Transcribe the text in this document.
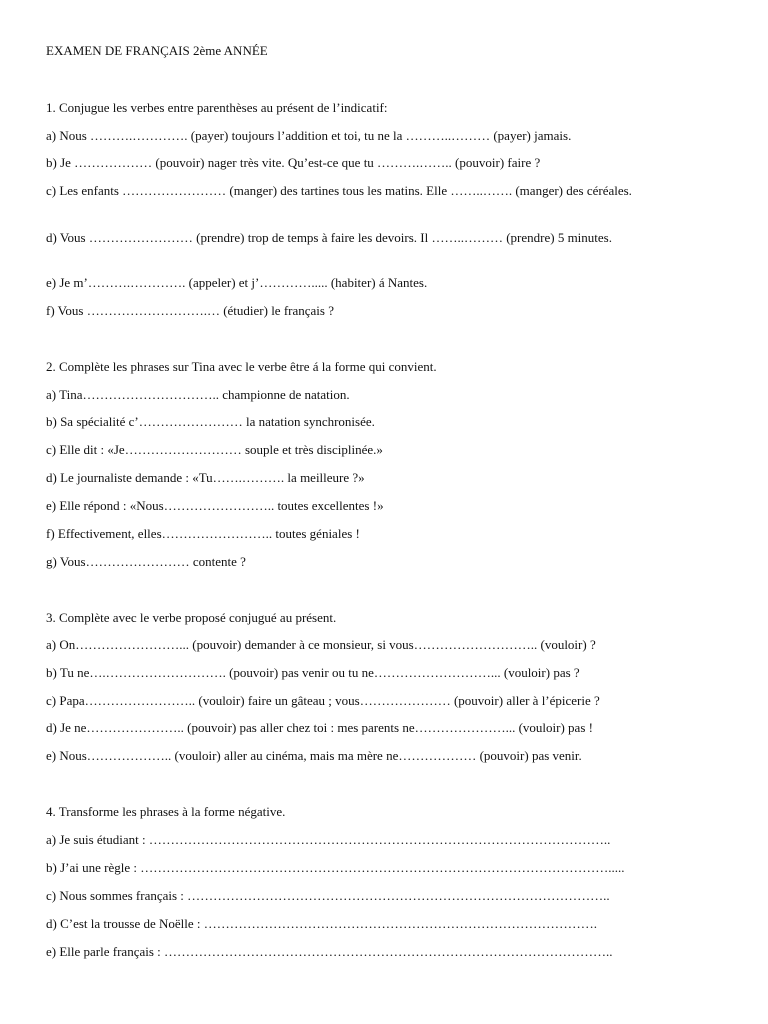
EXAMEN DE FRANÇAIS 2ème ANNÉE
1. Conjugue les verbes entre parenthèses au présent de l’indicatif:
a) Nous ……….…………. (payer) toujours l’addition et toi, tu ne la ………..……… (payer) jamais.
b) Je ……………… (pouvoir) nager très vite. Qu’est-ce que tu ……….…….. (pouvoir) faire ?
c) Les enfants …………………… (manger) des tartines tous les matins. Elle ……..……. (manger) des céréales.
d) Vous …………………… (prendre) trop de temps à faire les devoirs. Il ……..……… (prendre) 5 minutes.
e) Je m’……….…………. (appeler) et j’…………..... (habiter) á Nantes.
f) Vous ……………………….… (étudier) le français ?
2. Complète les phrases sur Tina avec le verbe être á la forme qui convient.
a) Tina………………………….. championne de natation.
b) Sa spécialité c’…………………… la natation synchronisée.
c) Elle dit : «Je……………………… souple et très disciplinée.»
d) Le journaliste demande : «Tu…….………. la meilleure ?»
e) Elle répond : «Nous…………………….. toutes excellentes !»
f) Effectivement, elles…………………….. toutes géniales !
g) Vous…………………… contente ?
3. Complète avec le verbe proposé conjugué au présent.
a) On……………………... (pouvoir) demander à ce monsieur, si vous……………………….. (vouloir) ?
b) Tu ne….………………………. (pouvoir) pas venir ou tu ne………………………... (vouloir) pas ?
c) Papa…………………….. (vouloir) faire un gâteau ; vous………………… (pouvoir) aller à l’épicerie ?
d) Je ne………………….. (pouvoir) pas aller chez toi : mes parents ne…………………... (vouloir) pas !
e) Nous……………….. (vouloir) aller au cinéma, mais ma mère ne……………… (pouvoir) pas venir.
4. Transforme les phrases à la forme négative.
a) Je suis étudiant : ……………………………………………………………………………………………..
b) J’ai une règle : ……………………………………………………………………………………………….....
c) Nous sommes français : ……………………………………………………………………………………..
d) C’est la trousse de Noëlle : ……………………………………………………………………………….
e) Elle parle français : …………………………………………………………………………………………..
